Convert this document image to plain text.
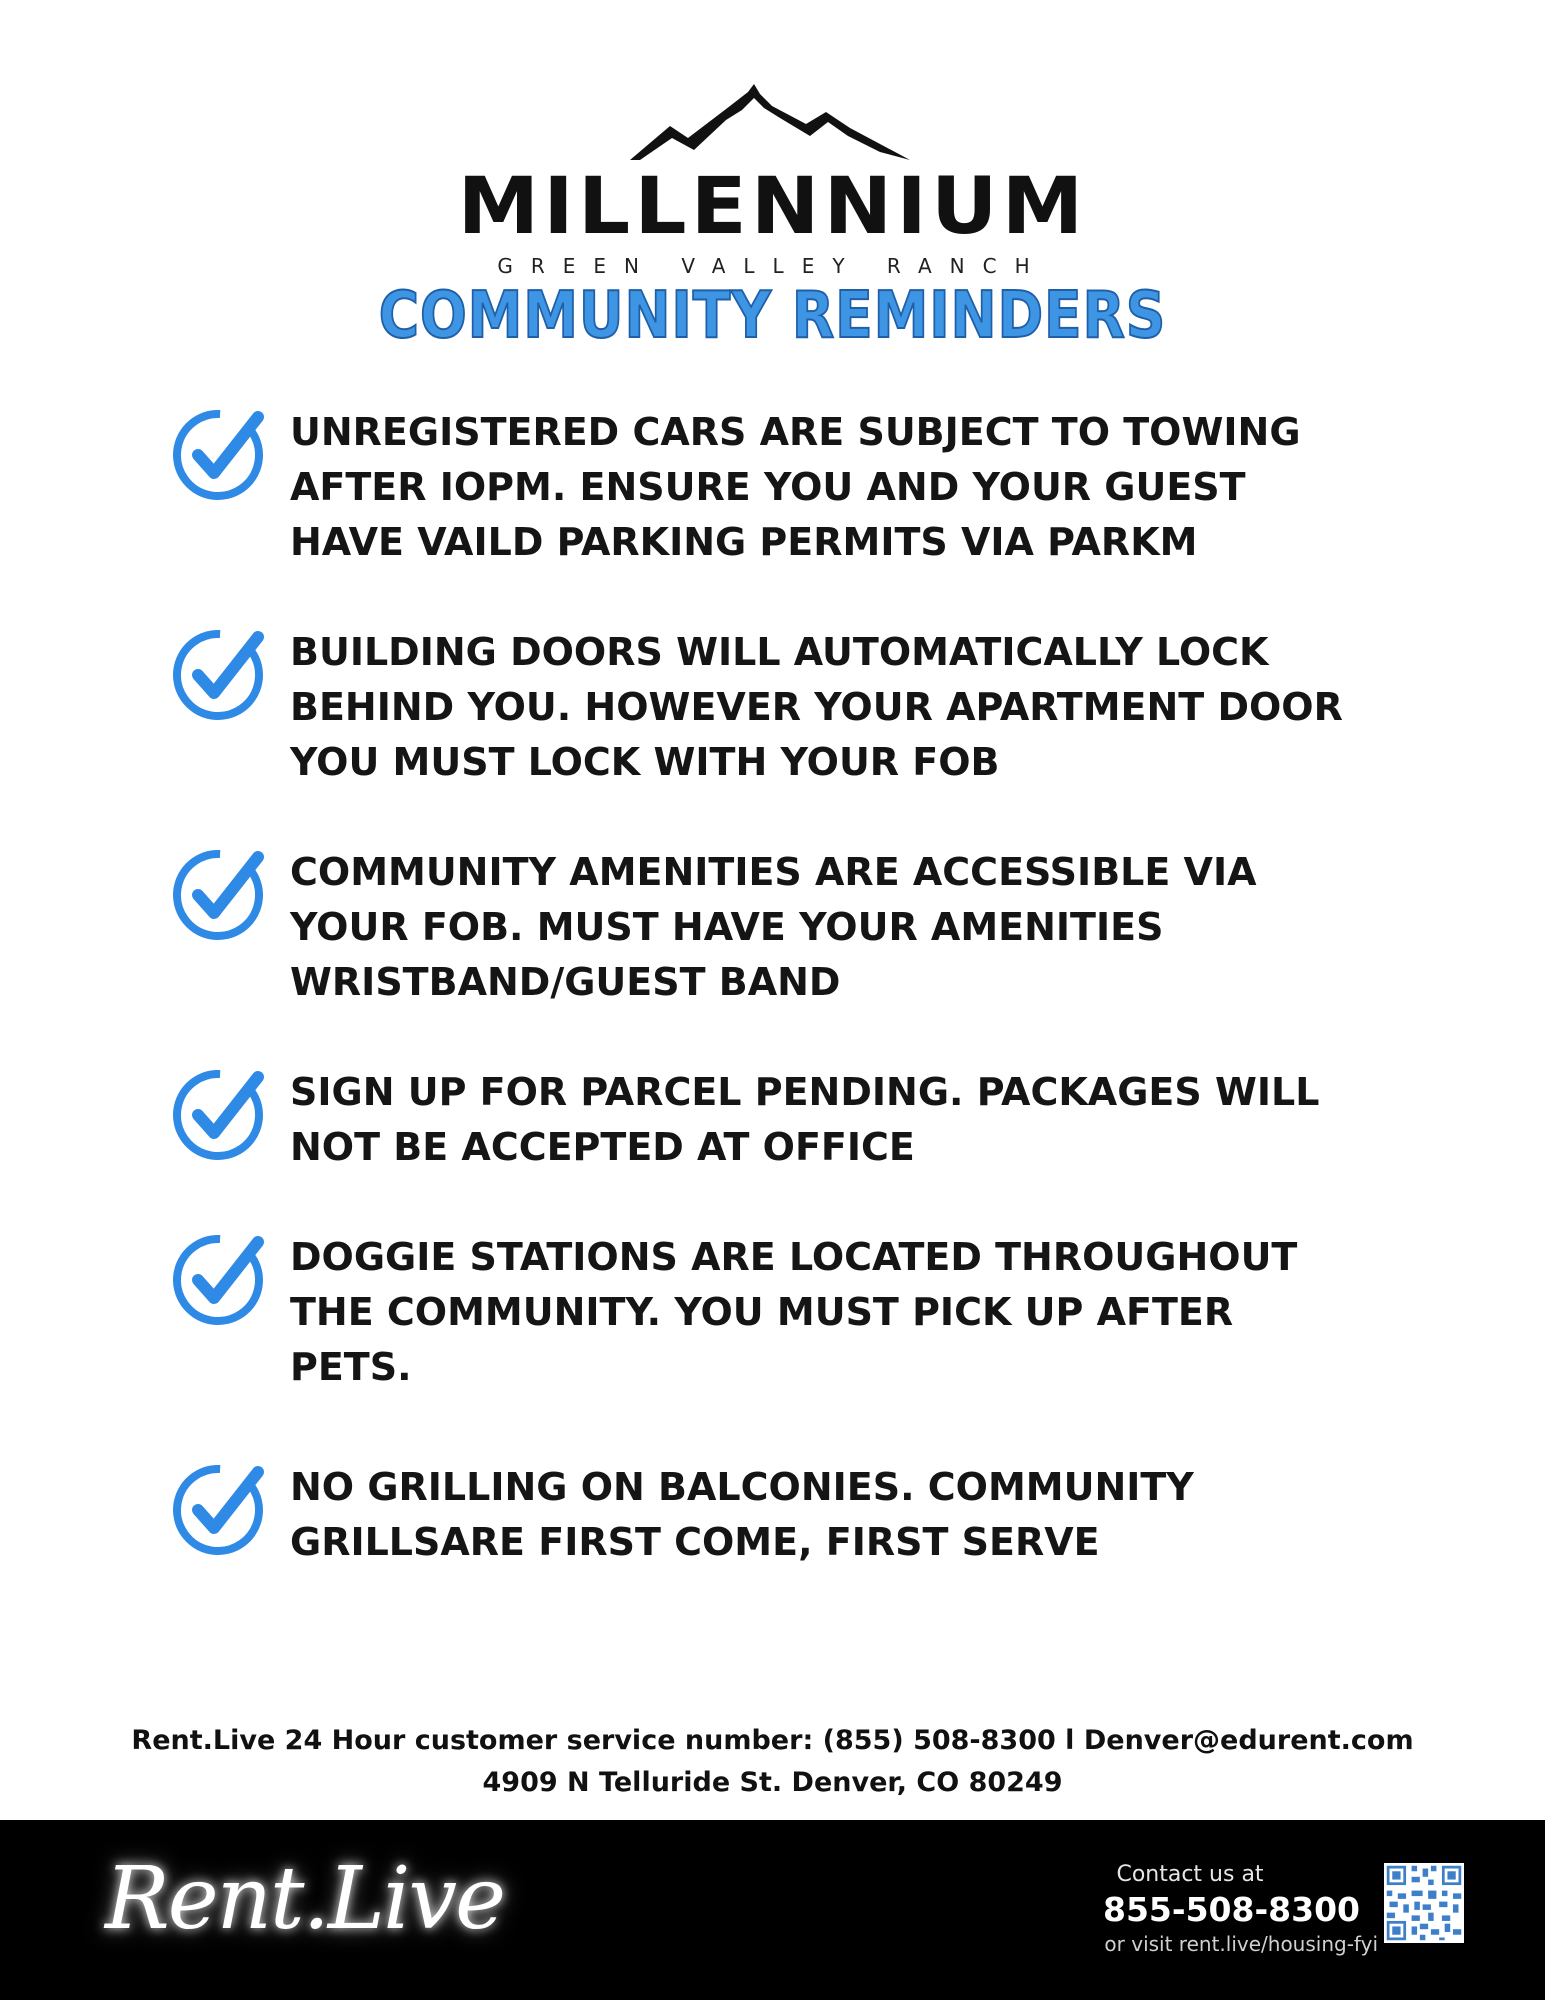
MILLENNIUM
GREEN VALLEY RANCH
COMMUNITY REMINDERS
UNREGISTERED CARS ARE SUBJECT TO TOWING AFTER IOPM. ENSURE YOU AND YOUR GUEST HAVE VAILD PARKING PERMITS VIA PARKM
BUILDING DOORS WILL AUTOMATICALLY LOCK BEHIND YOU. HOWEVER YOUR APARTMENT DOOR YOU MUST LOCK WITH YOUR FOB
COMMUNITY AMENITIES ARE ACCESSIBLE VIA YOUR FOB. MUST HAVE YOUR AMENITIES WRISTBAND/GUEST BAND
SIGN UP FOR PARCEL PENDING. PACKAGES WILL NOT BE ACCEPTED AT OFFICE
DOGGIE STATIONS ARE LOCATED THROUGHOUT THE COMMUNITY. YOU MUST PICK UP AFTER PETS.
NO GRILLING ON BALCONIES. COMMUNITY GRILLSARE FIRST COME, FIRST SERVE
Rent.Live 24 Hour customer service number: (855) 508-8300 l Denver@edurent.com
4909 N Telluride St. Denver, CO 80249
Rent.Live	Contact us at
855-508-8300
or visit rent.live/housing-fyi
